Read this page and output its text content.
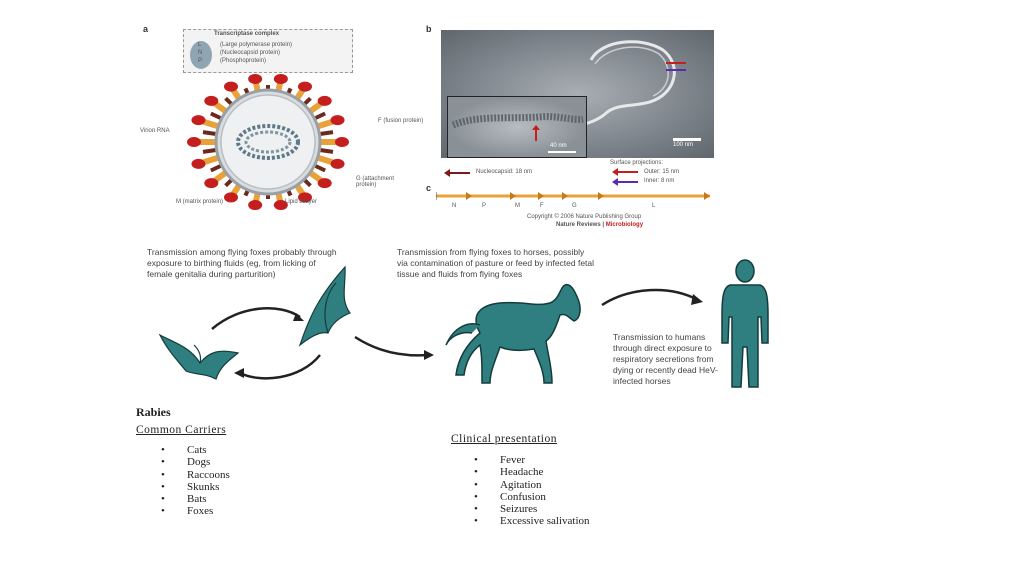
a	Transcriptase complex
L
N
P
(Large polymerase protein)
(Nucleocapsid protein)
(Phosphoprotein)
Virion RNA
F (fusion protein)
G (attachment protein)
M (matrix protein)	Lipid bilayer
b
40 nm	100 nm
Nucleocapsid: 18 nm
Surface projections:
Outer: 15 nm
Inner: 8 nm
c
N	P	M	F	G	L
Copyright © 2006 Nature Publishing Group
Nature Reviews | Microbiology
Transmission among flying foxes probably through exposure to birthing fluids (eg, from licking of female genitalia during parturition)
Transmission from flying foxes to horses, possibly via contamination of pasture or feed by infected fetal tissue and fluids from flying foxes
Transmission to humans through direct exposure to respiratory secretions from dying or recently dead HeV-infected horses
Rabies
Common Carriers
• Cats
• Dogs
• Raccoons
• Skunks
• Bats
• Foxes
Clinical presentation
• Fever
• Headache
• Agitation
• Confusion
• Seizures
• Excessive salivation
